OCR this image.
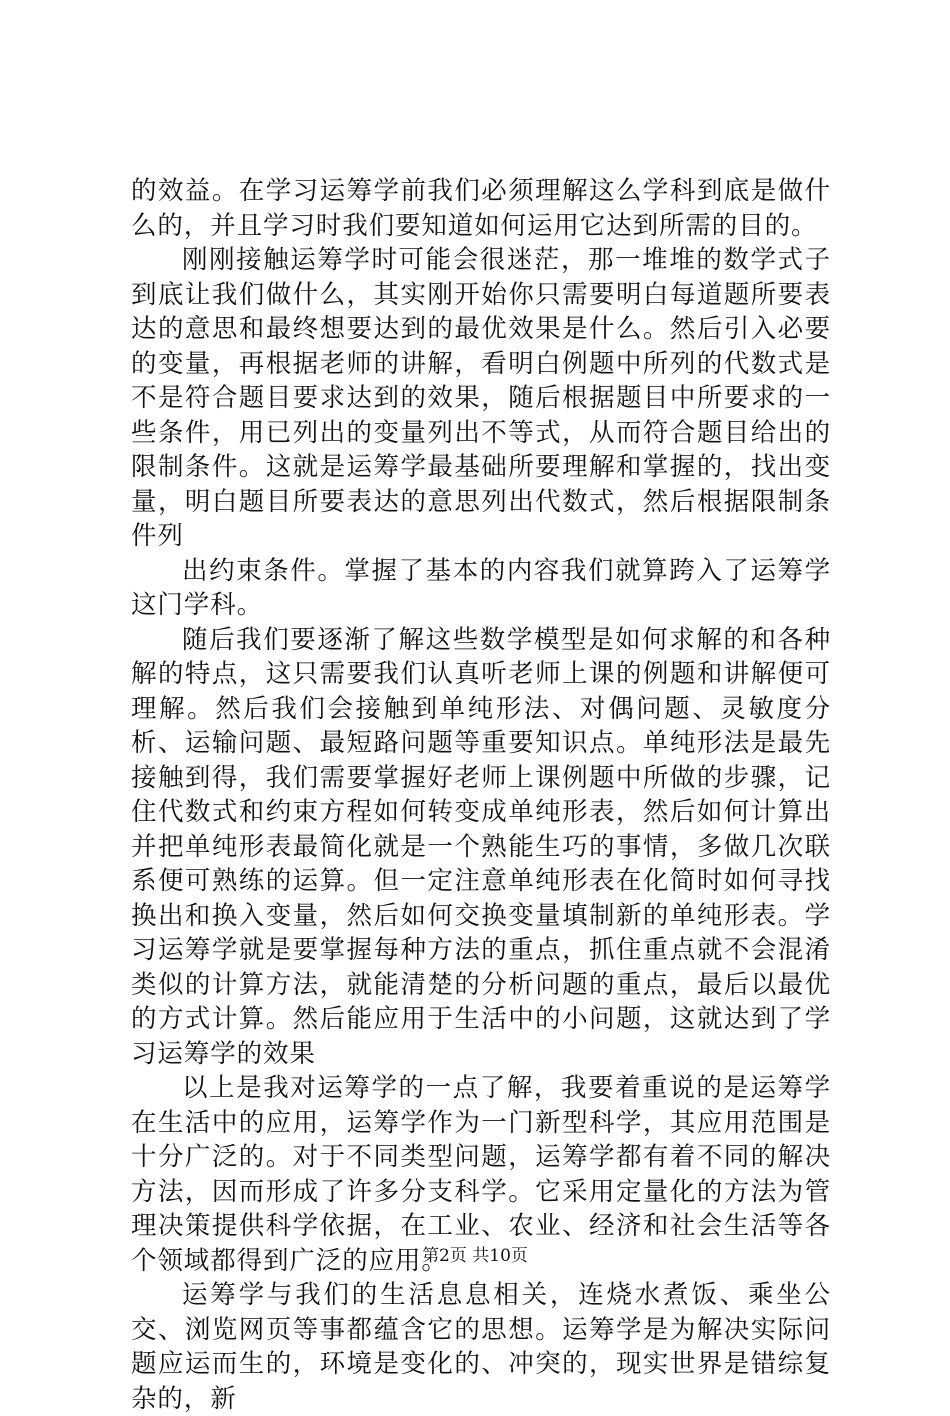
的效益。在学习运筹学前我们必须理解这么学科到底是做什么的，并且学习时我们要知道如何运用它达到所需的目的。

刚刚接触运筹学时可能会很迷茫，那一堆堆的数学式子到底让我们做什么，其实刚开始你只需要明白每道题所要表达的意思和最终想要达到的最优效果是什么。然后引入必要的变量，再根据老师的讲解，看明白例题中所列的代数式是不是符合题目要求达到的效果，随后根据题目中所要求的一些条件，用已列出的变量列出不等式，从而符合题目给出的限制条件。这就是运筹学最基础所要理解和掌握的，找出变量，明白题目所要表达的意思列出代数式，然后根据限制条件列

出约束条件。掌握了基本的内容我们就算跨入了运筹学这门学科。

随后我们要逐渐了解这些数学模型是如何求解的和各种解的特点，这只需要我们认真听老师上课的例题和讲解便可理解。然后我们会接触到单纯形法、对偶问题、灵敏度分析、运输问题、最短路问题等重要知识点。单纯形法是最先接触到得，我们需要掌握好老师上课例题中所做的步骤，记住代数式和约束方程如何转变成单纯形表，然后如何计算出并把单纯形表最简化就是一个熟能生巧的事情，多做几次联系便可熟练的运算。但一定注意单纯形表在化简时如何寻找换出和换入变量，然后如何交换变量填制新的单纯形表。学习运筹学就是要掌握每种方法的重点，抓住重点就不会混淆类似的计算方法，就能清楚的分析问题的重点，最后以最优的方式计算。然后能应用于生活中的小问题，这就达到了学习运筹学的效果

以上是我对运筹学的一点了解，我要着重说的是运筹学在生活中的应用，运筹学作为一门新型科学，其应用范围是十分广泛的。对于不同类型问题，运筹学都有着不同的解决方法，因而形成了许多分支科学。它采用定量化的方法为管理决策提供科学依据，在工业、农业、经济和社会生活等各个领域都得到广泛的应用。

运筹学与我们的生活息息相关，连烧水煮饭、乘坐公交、浏览网页等事都蕴含它的思想。运筹学是为解决实际问题应运而生的，环境是变化的、冲突的，现实世界是错综复杂的，新

第2页 共10页
